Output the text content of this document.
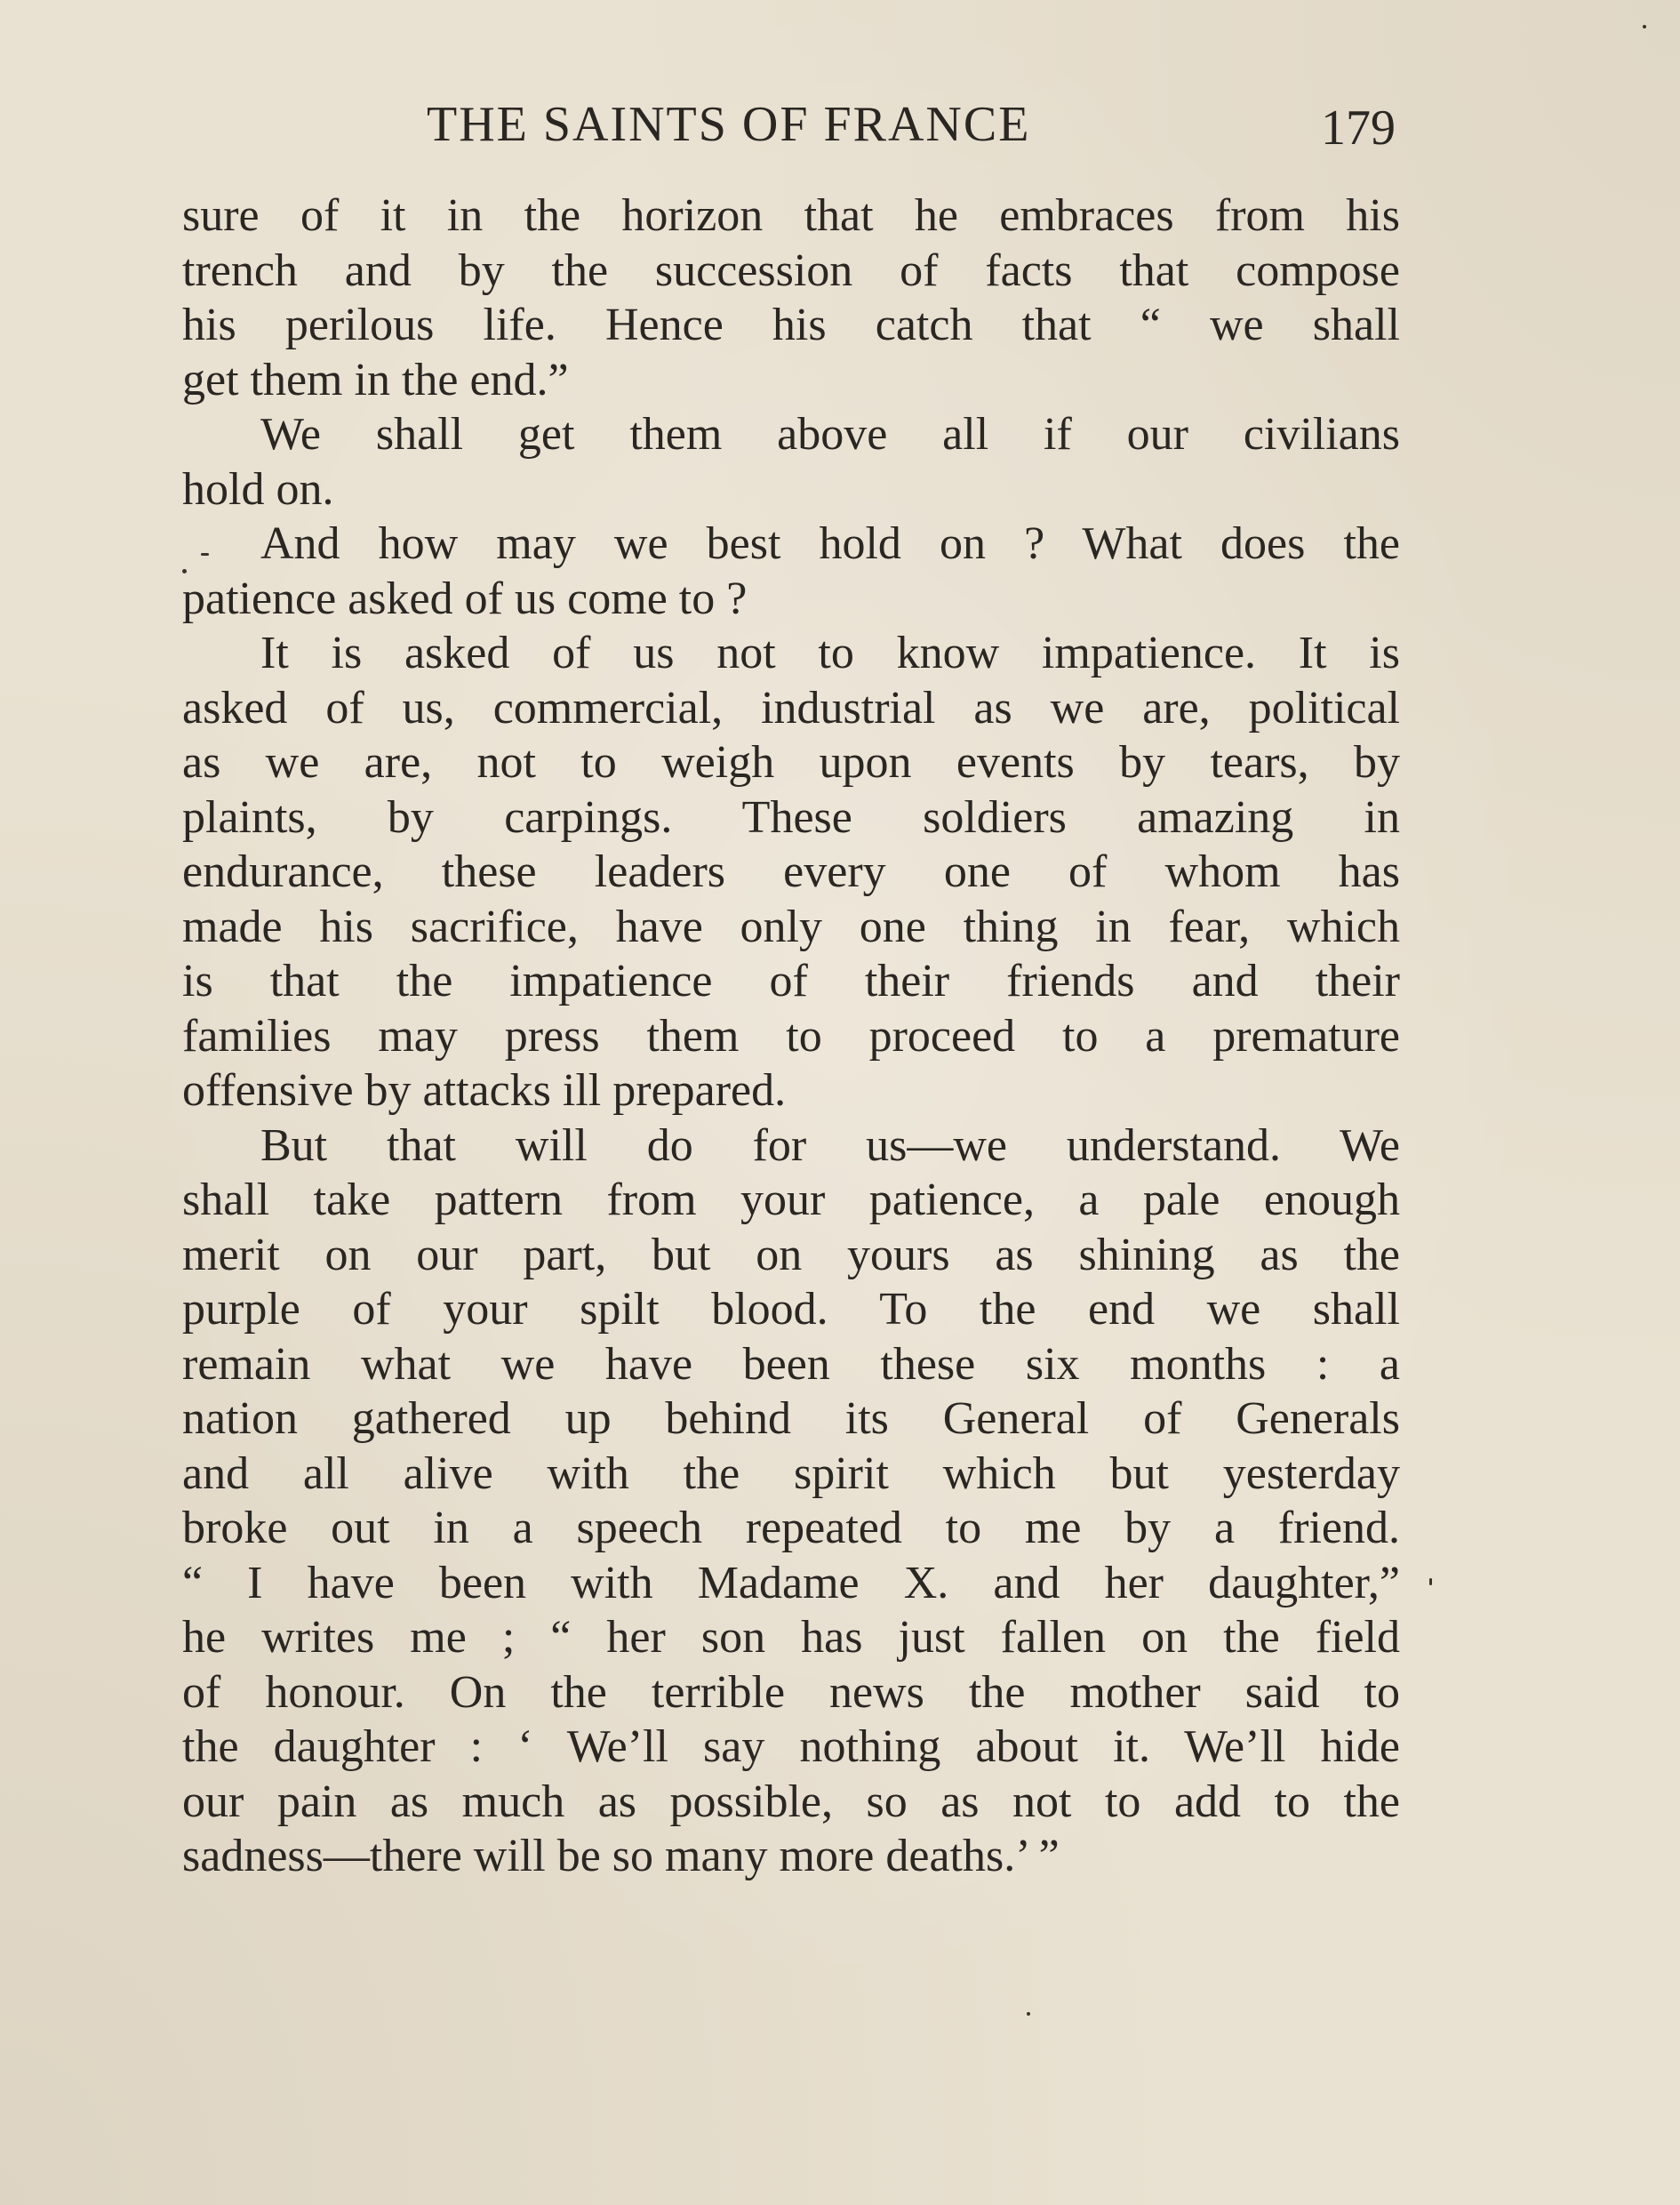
THE SAINTS OF FRANCE	179
sure of it in the horizon that he embraces from his
trench and by the succession of facts that compose
his perilous life. Hence his catch that “ we shall
get them in the end.”
We shall get them above all if our civilians
hold on.
And how may we best hold on ? What does the
patience asked of us come to ?
It is asked of us not to know impatience. It is
asked of us, commercial, industrial as we are, political
as we are, not to weigh upon events by tears, by
plaints, by carpings. These soldiers amazing in
endurance, these leaders every one of whom has
made his sacrifice, have only one thing in fear, which
is that the impatience of their friends and their
families may press them to proceed to a premature
offensive by attacks ill prepared.
But that will do for us—we understand. We
shall take pattern from your patience, a pale enough
merit on our part, but on yours as shining as the
purple of your spilt blood. To the end we shall
remain what we have been these six months : a
nation gathered up behind its General of Generals
and all alive with the spirit which but yesterday
broke out in a speech repeated to me by a friend.
“ I have been with Madame X. and her daughter,”
he writes me ; “ her son has just fallen on the field
of honour. On the terrible news the mother said to
the daughter : ‘ We’ll say nothing about it. We’ll hide
our pain as much as possible, so as not to add to the
sadness—there will be so many more deaths.’ ”
